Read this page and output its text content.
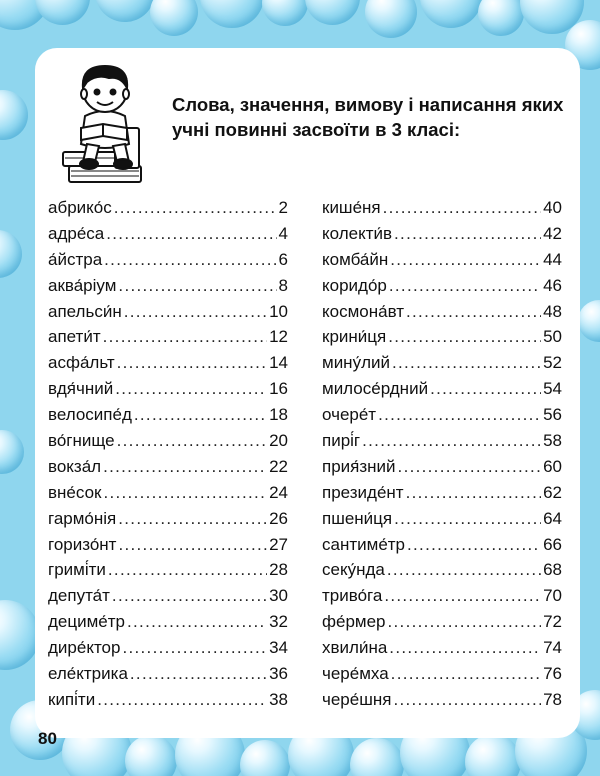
Слова, значення, вимову і написання яких
учні повинні засвоїти в 3 класі:
абрико́с .....	2
адре́са .....	4
а́йстра .....	6
аква́ріум .....	8
апельси́н .....	10
апети́т .....	12
асфа́льт .....	14
вдя́чний .....	16
велосипе́д .....	18
во́гнище .....	20
вокза́л .....	22
вне́сок .....	24
гармо́нія .....	26
горизо́нт .....	27
гримі́ти .....	28
депута́т .....	30
дециме́тр .....	32
дире́ктор .....	34
еле́ктрика .....	36
кипі́ти .....	38
кише́ня .....	40
колекти́в .....	42
комба́йн .....	44
коридо́р .....	46
космона́вт .....	48
крини́ця .....	50
мину́лий .....	52
милосе́рдний .....	54
очере́т .....	56
пирі́г .....	58
прия́зний .....	60
президе́нт .....	62
пшени́ця .....	64
сантиме́тр .....	66
секу́нда .....	68
триво́га .....	70
фе́рмер .....	72
хвили́на .....	74
чере́мха .....	76
чере́шня .....	78
80
